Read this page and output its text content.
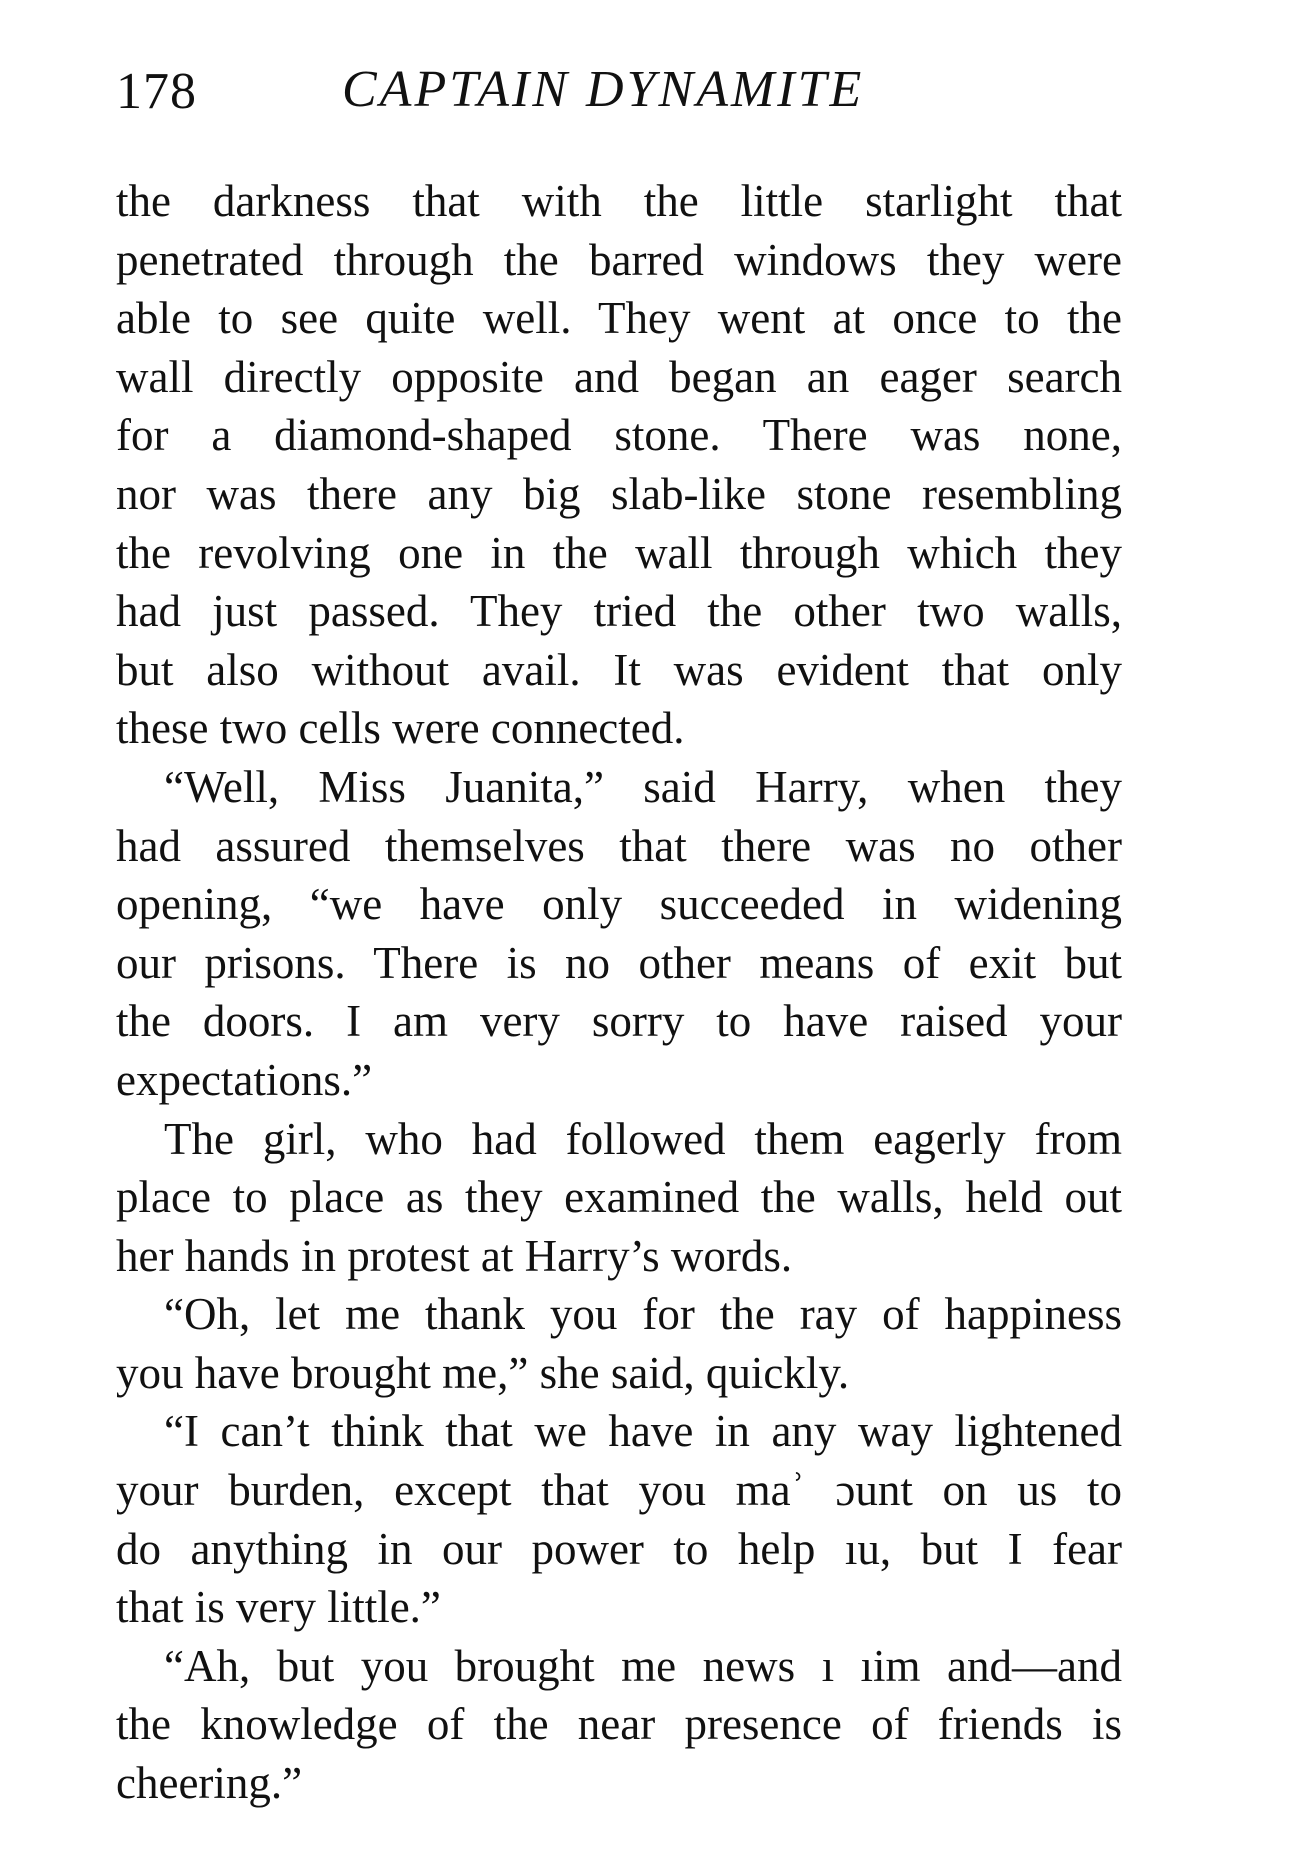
178	CAPTAIN DYNAMITE
the darkness that with the little starlight that
penetrated through the barred windows they were
able to see quite well. They went at once to the
wall directly opposite and began an eager search
for a diamond-shaped stone. There was none,
nor was there any big slab-like stone resembling
the revolving one in the wall through which they
had just passed. They tried the other two walls,
but also without avail. It was evident that only
these two cells were connected.
“Well, Miss Juanita,” said Harry, when they
had assured themselves that there was no other
opening, “we have only succeeded in widening
our prisons. There is no other means of exit but
the doors. I am very sorry to have raised your
expectations.”
The girl, who had followed them eagerly from
place to place as they examined the walls, held out
her hands in protest at Harry’s words.
“Oh, let me thank you for the ray of happiness
you have brought me,” she said, quickly.
“I can’t think that we have in any way lightened
your burden, except that you maʾ ɔunt on us to
do anything in our power to help ıu, but I fear
that is very little.”
“Ah, but you brought me news ı ıim and—and
the knowledge of the near presence of friends is
cheering.”
